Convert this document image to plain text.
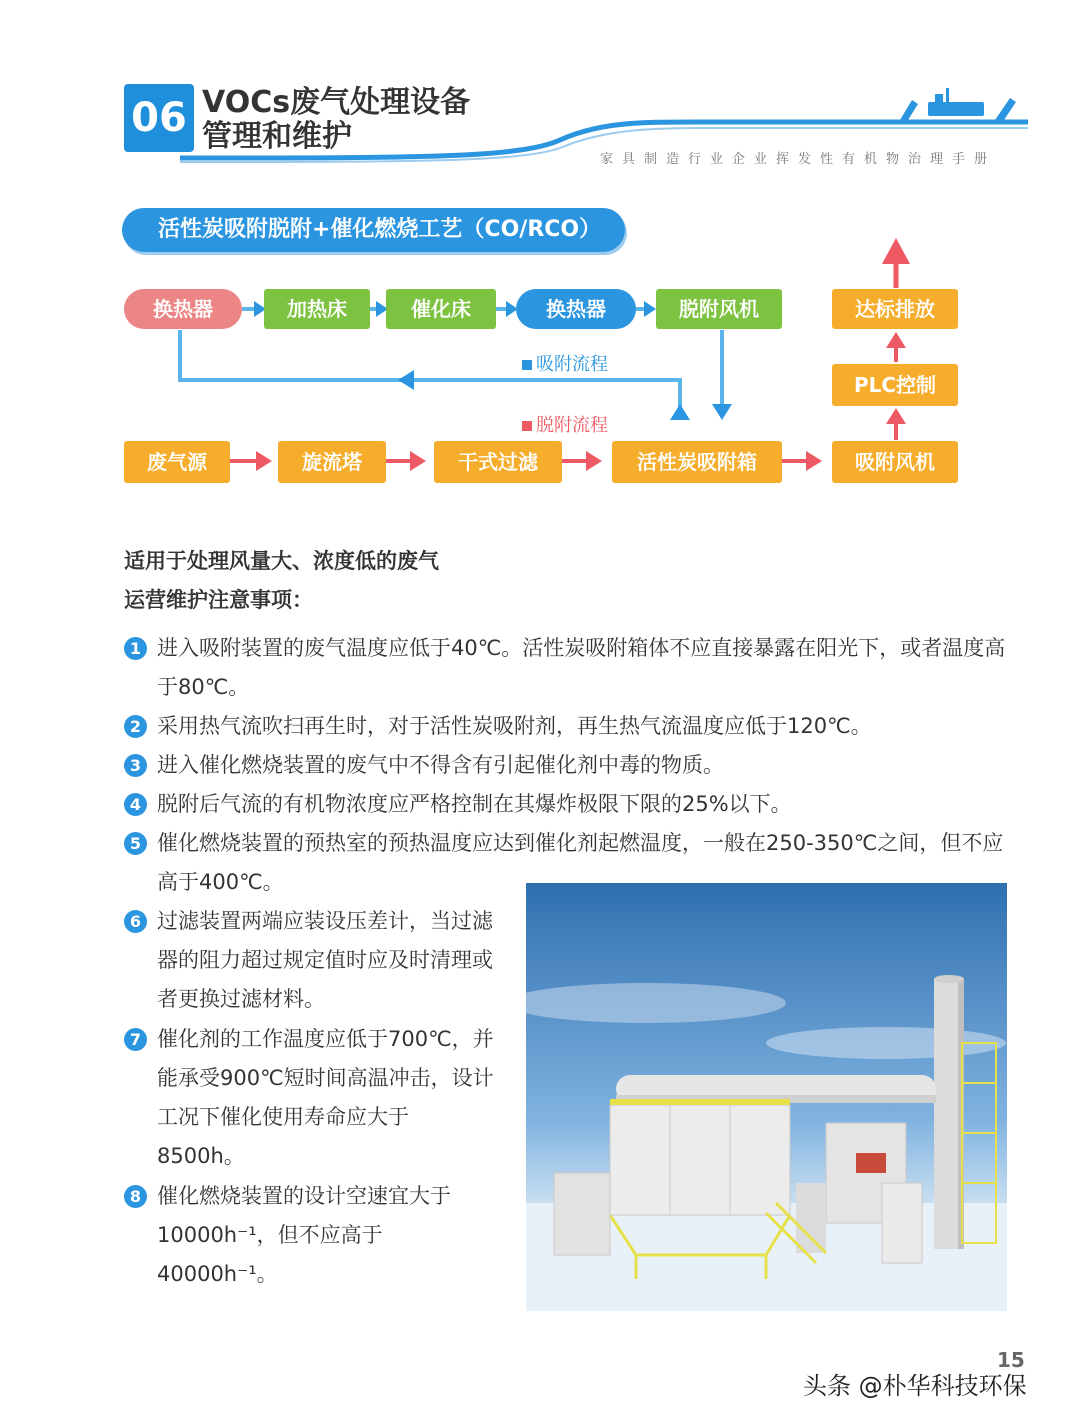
06 VOCs废气处理设备
管理和维护
家具制造行业企业挥发性有机物治理手册
活性炭吸附脱附+催化燃烧工艺（CO/RCO）
换热器	加热床	催化床	换热器	脱附风机	达标排放
PLC控制
废气源	旋流塔	干式过滤	活性炭吸附箱	吸附风机
吸附流程
脱附流程
适用于处理风量大、浓度低的废气
运营维护注意事项：
1 进入吸附装置的废气温度应低于40℃。活性炭吸附箱体不应直接暴露在阳光下，或者温度高于80℃。
2 采用热气流吹扫再生时，对于活性炭吸附剂，再生热气流温度应低于120℃。
3 进入催化燃烧装置的废气中不得含有引起催化剂中毒的物质。
4 脱附后气流的有机物浓度应严格控制在其爆炸极限下限的25%以下。
5 催化燃烧装置的预热室的预热温度应达到催化剂起燃温度，一般在250-350℃之间，但不应高于400℃。
6 过滤装置两端应装设压差计，当过滤器的阻力超过规定值时应及时清理或者更换过滤材料。
7 催化剂的工作温度应低于700℃，并能承受900℃短时间高温冲击，设计工况下催化使用寿命应大于8500h。
8 催化燃烧装置的设计空速宜大于10000h⁻¹，但不应高于40000h⁻¹。
15
头条 @朴华科技环保
